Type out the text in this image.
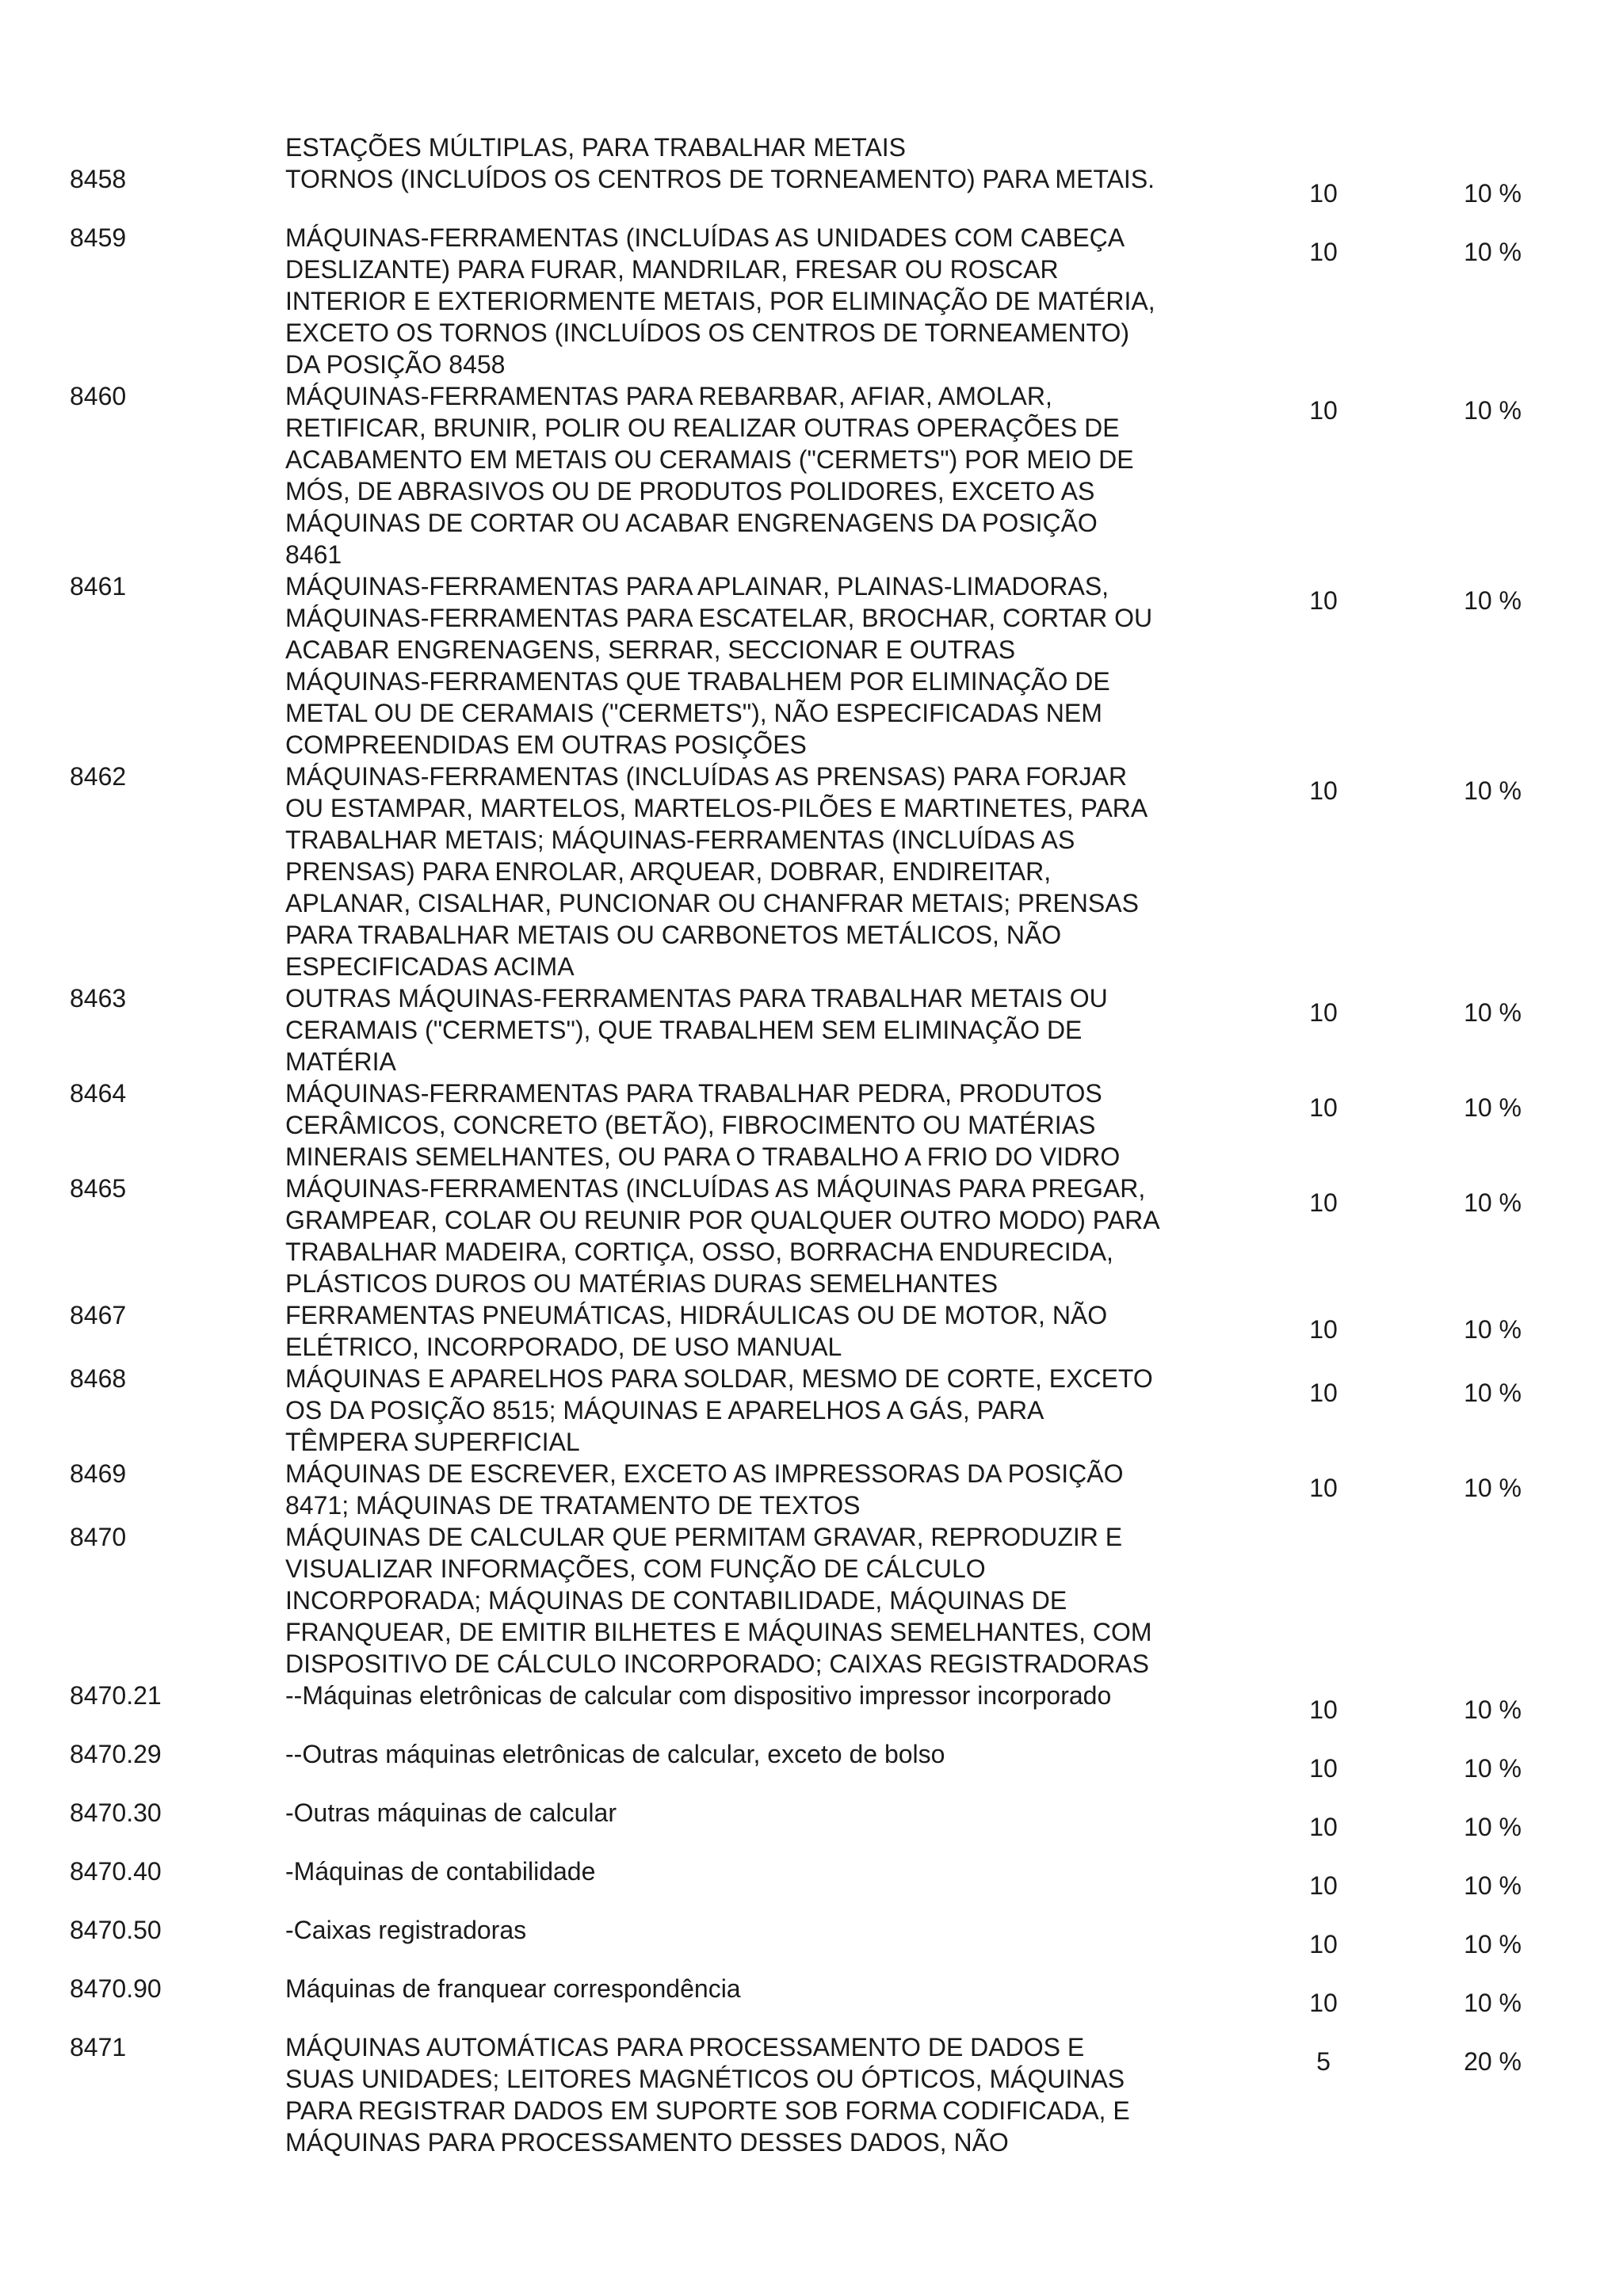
ESTAÇÕES MÚLTIPLAS, PARA TRABALHAR METAIS
8458	TORNOS (INCLUÍDOS OS CENTROS DE TORNEAMENTO) PARA METAIS.	10	10 %
8459	MÁQUINAS-FERRAMENTAS (INCLUÍDAS AS UNIDADES COM CABEÇA
DESLIZANTE) PARA FURAR, MANDRILAR, FRESAR OU ROSCAR
INTERIOR E EXTERIORMENTE METAIS, POR ELIMINAÇÃO DE MATÉRIA,
EXCETO OS TORNOS (INCLUÍDOS OS CENTROS DE TORNEAMENTO)
DA POSIÇÃO 8458
10	10 %
8460	MÁQUINAS-FERRAMENTAS PARA REBARBAR, AFIAR, AMOLAR,
RETIFICAR, BRUNIR, POLIR OU REALIZAR OUTRAS OPERAÇÕES DE
ACABAMENTO EM METAIS OU CERAMAIS ("CERMETS") POR MEIO DE
MÓS, DE ABRASIVOS OU DE PRODUTOS POLIDORES, EXCETO AS
MÁQUINAS DE CORTAR OU ACABAR ENGRENAGENS DA POSIÇÃO
8461
10	10 %
8461	MÁQUINAS-FERRAMENTAS PARA APLAINAR, PLAINAS-LIMADORAS,
MÁQUINAS-FERRAMENTAS PARA ESCATELAR, BROCHAR, CORTAR OU
ACABAR ENGRENAGENS, SERRAR, SECCIONAR E OUTRAS
MÁQUINAS-FERRAMENTAS QUE TRABALHEM POR ELIMINAÇÃO DE
METAL OU DE CERAMAIS ("CERMETS"), NÃO ESPECIFICADAS NEM
COMPREENDIDAS EM OUTRAS POSIÇÕES
10	10 %
8462	MÁQUINAS-FERRAMENTAS (INCLUÍDAS AS PRENSAS) PARA FORJAR
OU ESTAMPAR, MARTELOS, MARTELOS-PILÕES E MARTINETES, PARA
TRABALHAR METAIS; MÁQUINAS-FERRAMENTAS (INCLUÍDAS AS
PRENSAS) PARA ENROLAR, ARQUEAR, DOBRAR, ENDIREITAR,
APLANAR, CISALHAR, PUNCIONAR OU CHANFRAR METAIS; PRENSAS
PARA TRABALHAR METAIS OU CARBONETOS METÁLICOS, NÃO
ESPECIFICADAS ACIMA
10	10 %
8463	OUTRAS MÁQUINAS-FERRAMENTAS PARA TRABALHAR METAIS OU
CERAMAIS ("CERMETS"), QUE TRABALHEM SEM ELIMINAÇÃO DE
MATÉRIA
10	10 %
8464	MÁQUINAS-FERRAMENTAS PARA TRABALHAR PEDRA, PRODUTOS
CERÂMICOS, CONCRETO (BETÃO), FIBROCIMENTO OU MATÉRIAS
MINERAIS SEMELHANTES, OU PARA O TRABALHO A FRIO DO VIDRO
10	10 %
8465	MÁQUINAS-FERRAMENTAS (INCLUÍDAS AS MÁQUINAS PARA PREGAR,
GRAMPEAR, COLAR OU REUNIR POR QUALQUER OUTRO MODO) PARA
TRABALHAR MADEIRA, CORTIÇA, OSSO, BORRACHA ENDURECIDA,
PLÁSTICOS DUROS OU MATÉRIAS DURAS SEMELHANTES
10	10 %
8467	FERRAMENTAS PNEUMÁTICAS, HIDRÁULICAS OU DE MOTOR, NÃO
ELÉTRICO, INCORPORADO, DE USO MANUAL
10	10 %
8468	MÁQUINAS E APARELHOS PARA SOLDAR, MESMO DE CORTE, EXCETO
OS DA POSIÇÃO 8515; MÁQUINAS E APARELHOS A GÁS, PARA
TÊMPERA SUPERFICIAL
10	10 %
8469	MÁQUINAS DE ESCREVER, EXCETO AS IMPRESSORAS DA POSIÇÃO
8471; MÁQUINAS DE TRATAMENTO DE TEXTOS
10	10 %
8470	MÁQUINAS DE CALCULAR QUE PERMITAM GRAVAR, REPRODUZIR E
VISUALIZAR INFORMAÇÕES, COM FUNÇÃO DE CÁLCULO
INCORPORADA; MÁQUINAS DE CONTABILIDADE, MÁQUINAS DE
FRANQUEAR, DE EMITIR BILHETES E MÁQUINAS SEMELHANTES, COM
DISPOSITIVO DE CÁLCULO INCORPORADO; CAIXAS REGISTRADORAS
8470.21	--Máquinas eletrônicas de calcular com dispositivo impressor incorporado	10	10 %
8470.29	--Outras máquinas eletrônicas de calcular, exceto de bolso	10	10 %
8470.30	-Outras máquinas de calcular	10	10 %
8470.40	-Máquinas de contabilidade	10	10 %
8470.50	-Caixas registradoras	10	10 %
8470.90	Máquinas de franquear correspondência	10	10 %
8471	MÁQUINAS AUTOMÁTICAS PARA PROCESSAMENTO DE DADOS E
SUAS UNIDADES; LEITORES MAGNÉTICOS OU ÓPTICOS, MÁQUINAS
PARA REGISTRAR DADOS EM SUPORTE SOB FORMA CODIFICADA, E
MÁQUINAS PARA PROCESSAMENTO DESSES DADOS, NÃO
5	20 %
